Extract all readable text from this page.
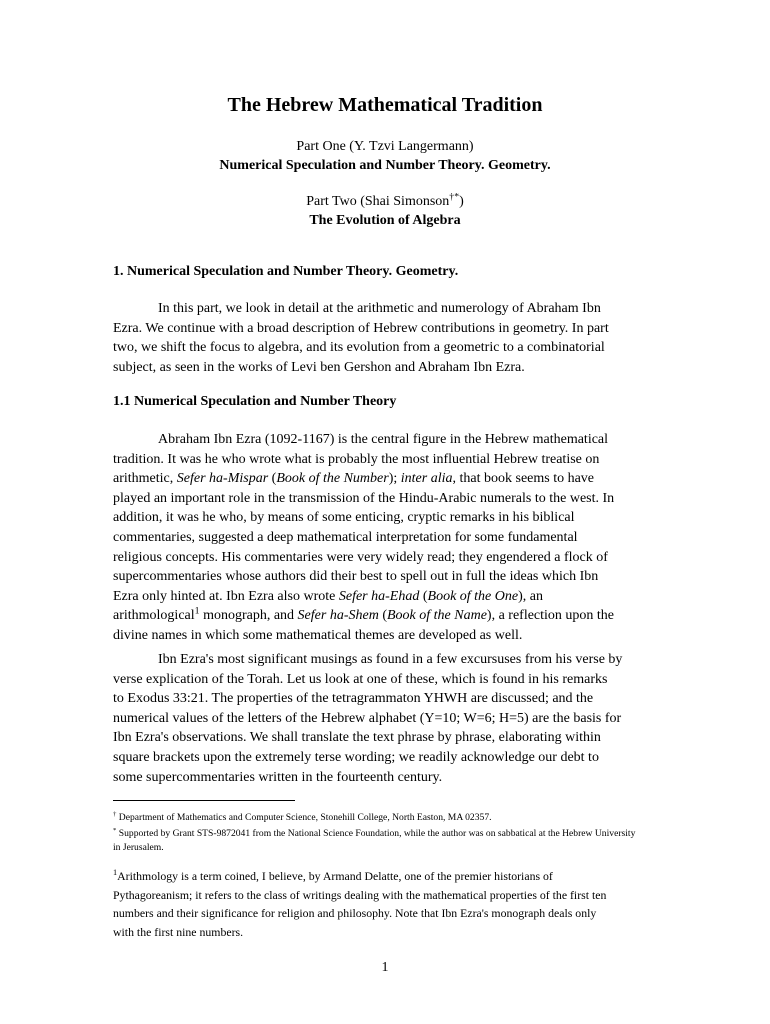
The Hebrew Mathematical Tradition
Part One (Y. Tzvi Langermann)
Numerical Speculation and Number Theory. Geometry.
Part Two (Shai Simonson†*)
The Evolution of Algebra
1. Numerical Speculation and Number Theory. Geometry.
In this part, we look in detail at the arithmetic and numerology of Abraham Ibn
Ezra. We continue with a broad description of Hebrew contributions in geometry. In part
two, we shift the focus to algebra, and its evolution from a geometric to a combinatorial
subject, as seen in the works of Levi ben Gershon and Abraham Ibn Ezra.
1.1 Numerical Speculation and Number Theory
Abraham Ibn Ezra (1092-1167) is the central figure in the Hebrew mathematical
tradition. It was he who wrote what is probably the most influential Hebrew treatise on
arithmetic, Sefer ha-Mispar (Book of the Number); inter alia, that book seems to have
played an important role in the transmission of the Hindu-Arabic numerals to the west. In
addition, it was he who, by means of some enticing, cryptic remarks in his biblical
commentaries, suggested a deep mathematical interpretation for some fundamental
religious concepts. His commentaries were very widely read; they engendered a flock of
supercommentaries whose authors did their best to spell out in full the ideas which Ibn
Ezra only hinted at. Ibn Ezra also wrote Sefer ha-Ehad (Book of the One), an
arithmological$^1$ monograph, and Sefer ha-Shem (Book of the Name), a reflection upon the
divine names in which some mathematical themes are developed as well.
Ibn Ezra's most significant musings as found in a few excursuses from his verse by
verse explication of the Torah. Let us look at one of these, which is found in his remarks
to Exodus 33:21. The properties of the tetragrammaton YHWH are discussed; and the
numerical values of the letters of the Hebrew alphabet (Y=10; W=6; H=5) are the basis for
Ibn Ezra's observations. We shall translate the text phrase by phrase, elaborating within
square brackets upon the extremely terse wording; we readily acknowledge our debt to
some supercommentaries written in the fourteenth century.
† Department of Mathematics and Computer Science, Stonehill College, North Easton, MA 02357.
* Supported by Grant STS-9872041 from the National Science Foundation, while the author was on sabbatical at the Hebrew University
in Jerusalem.
$^1$Arithmology is a term coined, I believe, by Armand Delatte, one of the premier historians of
Pythagoreanism; it refers to the class of writings dealing with the mathematical properties of the first ten
numbers and their significance for religion and philosophy. Note that Ibn Ezra's monograph deals only
with the first nine numbers.
1
